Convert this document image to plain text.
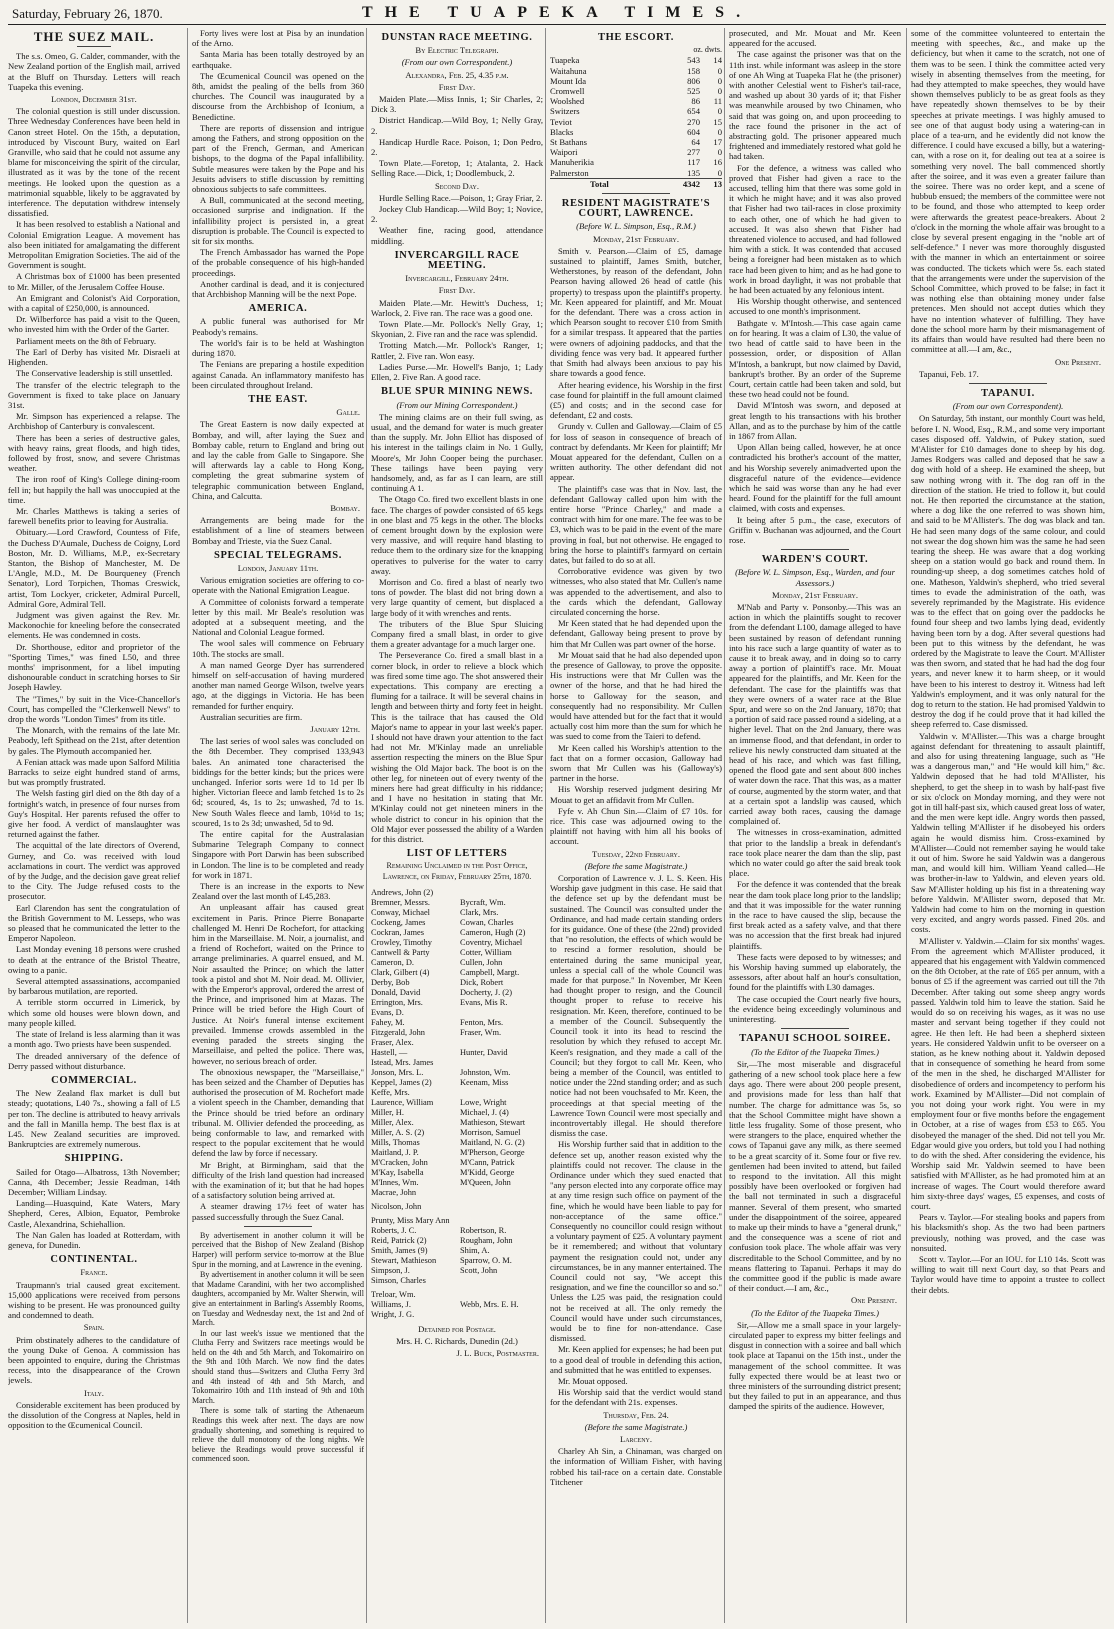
Saturday, February 26, 1870.	THE TUAPEKA TIMES.
THE SUEZ MAIL.

The s.s. Omeo, G. Calder, commander, with the New Zealand portion of the English mail, arrived at the Bluff on Thursday. Letters will reach Tuapeka this evening.

London, December 31st.

The colonial question is still under discussion. Three Wednesday Conferences have been held in Canon street Hotel. On the 15th, a deputation, introduced by Viscount Bury, waited on Earl Granville, who said that he could not assume any blame for misconceiving the spirit of the circular, illustrated as it was by the tone of the recent meetings. He looked upon the question as a matrimonial squabble, likely to be aggravated by interference. The deputation withdrew intensely dissatisfied.

It has been resolved to establish a National and Colonial Emigration League. A movement has also been initiated for amalgamating the different Metropolitan Emigration Societies. The aid of the Government is sought.

A Christmas box of £1000 has been presented to Mr. Miller, of the Jerusalem Coffee House.

An Emigrant and Colonist's Aid Corporation, with a capital of £250,000, is announced.

Dr. Wilberforce has paid a visit to the Queen, who invested him with the Order of the Garter.

Parliament meets on the 8th of February.

The Earl of Derby has visited Mr. Disraeli at Highenden.

The Conservative leadership is still unsettled.

The transfer of the electric telegraph to the Government is fixed to take place on January 31st.

Mr. Simpson has experienced a relapse. The Archbishop of Canterbury is convalescent.

There has been a series of destructive gales, with heavy rains, great floods, and high tides, followed by frost, snow, and severe Christmas weather.

The iron roof of King's College dining-room fell in; but happily the hall was unoccupied at the time.

Mr. Charles Matthews is taking a series of farewell benefits prior to leaving for Australia.

Obituary.—Lord Crawford, Countess of Fife, the Duchess D'Aumale, Duchess de Coigny, Lord Boston, Mr. D. Williams, M.P., ex-Secretary Stanton, the Bishop of Manchester, M. De L'Angle, M.D., M. De Bourqueney (French Senator), Lord Torpichen, Thomas Creswick, artist, Tom Lockyer, cricketer, Admiral Purcell, Admiral Gore, Admiral Tell.

Judgment was given against the Rev. Mr. Mackonochie for kneeling before the consecrated elements. He was condemned in costs.

Dr. Shorthouse, editor and proprietor of the "Sporting Times," was fined L50, and three months' imprisonment, for a libel imputing dishonourable conduct in scratching horses to Sir Joseph Hawley.

The "Times," by suit in the Vice-Chancellor's Court, has compelled the "Clerkenwell News" to drop the words "London Times" from its title.

The Monarch, with the remains of the late Mr. Peabody, left Spithead on the 21st, after detention by gales. The Plymouth accompanied her.

A Fenian attack was made upon Salford Militia Barracks to seize eight hundred stand of arms, but was promptly frustrated.

The Welsh fasting girl died on the 8th day of a fortnight's watch, in presence of four nurses from Guy's Hospital. Her parents refused the offer to give her food. A verdict of manslaughter was returned against the father.

The acquittal of the late directors of Overend, Gurney, and Co. was received with loud acclamations in court. The verdict was approved of by the Judge, and the decision gave great relief to the City. The Judge refused costs to the prosecutor.

Earl Clarendon has sent the congratulation of the British Government to M. Lesseps, who was so pleased that he communicated the letter to the Emperor Napoleon.

Last Monday evening 18 persons were crushed to death at the entrance of the Bristol Theatre, owing to a panic.

Several attempted assassinations, accompanied by barbarous mutilation, are reported.

A terrible storm occurred in Limerick, by which some old houses were blown down, and many people killed.

The state of Ireland is less alarming than it was a month ago. Two priests have been suspended.

The dreaded anniversary of the defence of Derry passed without disturbance.

COMMERCIAL.

The New Zealand flax market is dull but steady; quotations, L40 7s., showing a fall of L5 per ton. The decline is attributed to heavy arrivals and the fall in Manilla hemp. The best flax is at L45. New Zealand securities are improved. Bankruptcies are extremely numerous.

SHIPPING.

Sailed for Otago—Albatross, 13th November; Canna, 4th December; Jessie Readman, 14th December; William Lindsay.

Landing—Huasquind, Kate Waters, Mary Shepherd, Ceres, Albion, Equator, Pembroke Castle, Alexandrina, Schiehallion.

The Nan Galen has loaded at Rotterdam, with geneva, for Dunedin.

CONTINENTAL.
France.

Traupmann's trial caused great excitement. 15,000 applications were received from persons wishing to be present. He was pronounced guilty and condemned to death.

Spain.

Prim obstinately adheres to the candidature of the young Duke of Genoa. A commission has been appointed to enquire, during the Christmas recess, into the disappearance of the Crown jewels.

Italy.

Considerable excitement has been produced by the dissolution of the Congress at Naples, held in opposition to the Œcumenical Council.

Forty lives were lost at Pisa by an inundation of the Arno.

Santa Maria has been totally destroyed by an earthquake.

The Œcumenical Council was opened on the 8th, amidst the pealing of the bells from 360 churches. The Council was inaugurated by a discourse from the Archbishop of Iconium, a Benedictine.

There are reports of dissension and intrigue among the Fathers, and strong opposition on the part of the French, German, and American bishops, to the dogma of the Papal infallibility. Subtle measures were taken by the Pope and his Jesuits advisers to stifle discussion by remitting obnoxious subjects to safe committees.

A Bull, communicated at the second meeting, occasioned surprise and indignation. If the infallibility project is persisted in, a great disruption is probable. The Council is expected to sit for six months.

The French Ambassador has warned the Pope of the probable consequence of his high-handed proceedings.

Another cardinal is dead, and it is conjectured that Archbishop Manning will be the next Pope.

AMERICA.

A public funeral was authorised for Mr Peabody's remains.

The world's fair is to be held at Washington during 1870.

The Fenians are preparing a hostile expedition against Canada. An inflammatory manifesto has been circulated throughout Ireland.

THE EAST.
Galle.

The Great Eastern is now daily expected at Bombay, and will, after laying the Suez and Bombay cable, return to England and bring out and lay the cable from Galle to Singapore. She will afterwards lay a cable to Hong Kong, completing the great submarine system of telegraphic communication between England, China, and Calcutta.

Bombay.

Arrangements are being made for the establishment of a line of steamers between Bombay and Trieste, via the Suez Canal.

SPECIAL TELEGRAMS.
London, January 11th.

Various emigration societies are offering to co-operate with the National Emigration League.

A Committee of colonists forward a temperate letter by this mail. Mr Beale's resolution was adopted at a subsequent meeting, and the National and Colonial League formed.

The wool sales will commence on February 10th. The stocks are small.

A man named George Dyer has surrendered himself on self-accusation of having murdered another man named George Wilson, twelve years ago, at the diggings in Victoria. He has been remanded for further enquiry.

Australian securities are firm.

January 12th.

The last series of wool sales was concluded on the 8th December. They comprised 133,943 bales. An animated tone characterised the biddings for the better kinds; but the prices were unchanged. Inferior sorts were 1d to 1d per lb higher. Victorian fleece and lamb fetched 1s to 2s 6d; scoured, 4s, 1s to 2s; unwashed, 7d to 1s. New South Wales fleece and lamb, 10½d to 1s; scoured, 1s to 2s 3d; unwashed, 5d to 9d.

The entire capital for the Australasian Submarine Telegraph Company to connect Singapore with Port Darwin has been subscribed in London. The line is to be completed and ready for work in 1871.

There is an increase in the exports to New Zealand over the last month of L45,283.

An unpleasant affair has caused great excitement in Paris. Prince Pierre Bonaparte challenged M. Henri De Rochefort, for attacking him in the Marseillaise. M. Noir, a journalist, and a friend of Rochefort, waited on the Prince to arrange preliminaries. A quarrel ensued, and M. Noir assaulted the Prince; on which the latter took a pistol and shot M. Noir dead. M. Ollivier, with the Emperor's approval, ordered the arrest of the Prince, and imprisoned him at Mazas. The Prince will be tried before the High Court of Justice. At Noir's funeral intense excitement prevailed. Immense crowds assembled in the evening paraded the streets singing the Marseillaise, and pelted the police. There was, however, no serious breach of order.

The obnoxious newspaper, the "Marseillaise," has been seized and the Chamber of Deputies has authorised the prosecution of M. Rochefort made a violent speech in the Chamber, demanding that the Prince should be tried before an ordinary tribunal. M. Ollivier defended the proceeding, as being conformable to law, and remarked with respect to the popular excitement that he would defend the law by force if necessary.

Mr Bright, at Birmingham, said that the difficulty of the Irish land question had increased with the examination of it; but that he had hopes of a satisfactory solution being arrived at.

A steamer drawing 17½ feet of water has passed successfully through the Suez Canal.

By advertisement in another column it will be perceived that the Bishop of New Zealand (Bishop Harper) will perform service to-morrow at the Blue Spur in the morning, and at Lawrence in the evening.

By advertisement in another column it will be seen that Madame Carandini, with her two accomplished daughters, accompanied by Mr. Walter Sherwin, will give an entertainment in Barling's Assembly Rooms, on Tuesday and Wednesday next, the 1st and 2nd of March.

In our last week's issue we mentioned that the Clutha Ferry and Switzers race meetings would be held on the 4th and 5th March, and Tokomairiro on the 9th and 10th March. We now find the dates should stand thus—Switzers and Clutha Ferry 3rd and 4th instead of 4th and 5th March, and Tokomairiro 10th and 11th instead of 9th and 10th March.

There is some talk of starting the Athenaeum Readings this week after next. The days are now gradually shortening, and something is required to relieve the dull monotony of the long nights. We believe the Readings would prove successful if commenced soon.

DUNSTAN RACE MEETING.
By Electric Telegraph.
(From our own Correspondent.)
Alexandra, Feb. 25, 4.35 p.m.
First Day.

Maiden Plate.—Miss Innis, 1; Sir Charles, 2; Dick 3.

District Handicap.—Wild Boy, 1; Nelly Gray, 2.

Handicap Hurdle Race. Poison, 1; Don Pedro, 2.

Town Plate.—Foretop, 1; Atalanta, 2. Hack Selling Race.—Dick, 1; Doodlembuck, 2.

Second Day.

Hurdle Selling Race.—Poison, 1; Gray Friar, 2.

Jockey Club Handicap.—Wild Boy; 1; Novice, 2.

Weather fine, racing good, attendance middling.

INVERCARGILL RACE MEETING.
Invercargill, February 24th.
First Day.

Maiden Plate.—Mr. Hewitt's Duchess, 1; Warlock, 2. Five ran. The race was a good one.

Town Plate.—Mr. Pollock's Nelly Gray, 1; Skyonian, 2. Five ran and the race was splendid.

Trotting Match.—Mr. Pollock's Ranger, 1; Rattler, 2. Five ran. Won easy.

Ladies Purse.—Mr. Howell's Banjo, 1; Lady Ellen, 2. Five Ran. A good race.

BLUE SPUR MINING NEWS.
(From our Mining Correspondent.)

The mining claims are on their full swing, as usual, and the demand for water is much greater than the supply. Mr. John Elliot has disposed of his interest in the tailings claim in No. 1 Gully, Moore's, Mr John Cooper being the purchaser. These tailings have been paying very handsomely, and, as far as I can learn, are still continuing A 1.

The Otago Co. fired two excellent blasts in one face. The charges of powder consisted of 65 kegs in one blast and 75 kegs in the other. The blocks of cement brought down by the explosion were very massive, and will require hand blasting to reduce them to the ordinary size for the knapping operatives to pulverise for the water to carry away.

Morrison and Co. fired a blast of nearly two tons of powder. The blast did not bring down a very large quantity of cement, but displaced a large body of it with wrenches and rents.

The tributers of the Blue Spur Sluicing Company fired a small blast, in order to give them a greater advantage for a much larger one.

The Perseverance Co. fired a small blast in a corner block, in order to relieve a block which was fired some time ago. The shot answered their expectations. This company are erecting a fluming for a tailrace. It will be several chains in length and between thirty and forty feet in height. This is the tailrace that has caused the Old Major's name to appear in your last week's paper. I should not have drawn your attention to the fact had not Mr. M'Kinlay made an unreliable assertion respecting the miners on the Blue Spur wishing the Old Major back. The boot is on the other leg, for nineteen out of every twenty of the miners here had great difficulty in his riddance; and I have no hesitation in stating that Mr. M'Kinlay could not get nineteen miners in the whole district to concur in his opinion that the Old Major ever possessed the ability of a Warden for this district.

LIST OF LETTERS
Remaining Unclaimed in the Post Office, Lawrence, on Friday, February 25th, 1870.
Andrews, John (2)
Bremner, Messrs.	Bycraft, Wm.
Conway, Michael	Clark, Mrs.
Cockeng, James	Cowan, Charles
Cockran, James	Cameron, Hugh (2)
Crowley, Timothy	Coventry, Michael
Cantwell & Party	Cotter, William
Cameron, D.	Cullen, John
Clark, Gilbert (4)	Campbell, Margt.
Derby, Bob	Dick, Robert
Donald, David	Docherty, J. (2)
Errington, Mrs.	Evans, Mis R.
Evans, D.
Fahey, M.	Fenton, Mrs.
Fitzgerald, John	Fraser, Wm.
Fraser, Alex.
Hastell, —	Hunter, David
Istead, Mrs. James
Jonson, Mrs. L.	Johnston, Wm.
Keppel, James (2)	Keenam, Miss
Keffe, Mrs.
Laurence, William	Lowe, Wright
Miller, H.	Michael, J. (4)
Miller, Alex.	Mathieson, Stewart
Miller, A. S. (2)	Morrison, Samuel
Mills, Thomas	Maitland, N. G. (2)
Maitland, J. P.	M'Pherson, George
M'Cracken, John	M'Cann, Patrick
M'Kay, Isabella	M'Kidd, George
M'Innes, Wm.	M'Queen, John
Macrae, John
Nicolson, John
Prunty, Miss Mary Ann
Roberts, J. C.	Robertson, R.
Reid, Patrick (2)	Rougham, John
Smith, James (9)	Shim, A.
Stewart, Mathieson	Sparrow, O. M.
Simpson, J.	Scott, John
Simson, Charles
Treloar, Wm.
Williams, J.	Webb, Mrs. E. H.
Wright, J. G.
Detained for Postage.
Mrs. H. C. Richards, Dunedin (2d.)
J. L. Buck, Postmaster.
THE ESCORT.
oz. dwts.
Tuapeka	543	14
Waitahuna	158	0
Mount Ida	806	0
Cromwell	525	0
Woolshed	86	11
Switzers	654	0
Teviot	270	15
Blacks	604	0
St Bathans	64	17
Waipori	277	0
Manuherikia	117	16
Palmerston	135	0
Total	4342	13
RESIDENT MAGISTRATE'S COURT, LAWRENCE.
(Before W. L. Simpson, Esq., R.M.)
Monday, 21st February.

Smith v. Pearson.—Claim of £5, damage sustained to plaintiff, James Smith, butcher, Wetherstones, by reason of the defendant, John Pearson having allowed 26 head of cattle (his property) to trespass upon the plaintiff's property. Mr. Keen appeared for plaintiff, and Mr. Mouat for the defendant. There was a cross action in which Pearson sought to recover £10 from Smith for a similar trespass. It appeared that the parties were owners of adjoining paddocks, and that the dividing fence was very bad. It appeared further that Smith had always been anxious to pay his share towards a good fence.

After hearing evidence, his Worship in the first case found for plaintiff in the full amount claimed (£5) and costs; and in the second case for defendant, £2 and costs.

Grundy v. Cullen and Galloway.—Claim of £5 for loss of season in consequence of breach of contract by defendants. Mr Keen for plaintiff; Mr Mouat appeared for the defendant, Cullen on a written authority. The other defendant did not appear.

The plaintiff's case was that in Nov. last, the defendant Galloway called upon him with the entire horse "Prince Charley," and made a contract with him for one mare. The fee was to be £3, which was to be paid in the event of the mare proving in foal, but not otherwise. He engaged to bring the horse to plaintiff's farmyard on certain dates, but failed to do so at all.

Corroborative evidence was given by two witnesses, who also stated that Mr. Cullen's name was appended to the advertisement, and also to the cards which the defendant, Galloway circulated concerning the horse.

Mr Keen stated that he had depended upon the defendant, Galloway being present to prove by him that Mr Cullen was part owner of the horse.

Mr Mouat said that he had also depended upon the presence of Galloway, to prove the opposite. His instructions were that Mr Cullen was the owner of the horse, and that he had hired the horse to Galloway for the season, and consequently had no responsibility. Mr Cullen would have attended but for the fact that it would actually cost him more than the sum for which he was sued to come from the Taieri to defend.

Mr Keen called his Worship's attention to the fact that on a former occasion, Galloway had sworn that Mr Cullen was his (Galloway's) partner in the horse.

His Worship reserved judgment desiring Mr Mouat to get an affidavit from Mr Cullen.

Fyfe v. Ah Chun Sin.—Claim of £7 10s. for rice. This case was adjourned owing to the plaintiff not having with him all his books of account.

Tuesday, 22nd February.
(Before the same Magistrate.)

Corporation of Lawrence v. J. L. S. Keen. His Worship gave judgment in this case. He said that the defence set up by the defendant must be sustained. The Council was consulted under the Ordinance, and had made certain standing orders for its guidance. One of these (the 22nd) provided that "no resolution, the effects of which would be to rescind a former resolution, should be entertained during the same municipal year, unless a special call of the whole Council was made for that purpose." In November, Mr Keen had thought proper to resign, and the Council thought proper to refuse to receive his resignation. Mr. Keen, therefore, continued to be a member of the Council. Subsequently the Council took it into its head to rescind the resolution by which they refused to accept Mr. Keen's resignation, and they made a call of the Council; but they forgot to call Mr. Keen, who being a member of the Council, was entitled to notice under the 22nd standing order; and as such notice had not been vouchsafed to Mr. Keen, the proceedings at that special meeting of the Lawrence Town Council were most specially and incontrovertably illegal. He should therefore dismiss the case.

His Worship further said that in addition to the defence set up, another reason existed why the plaintiffs could not recover. The clause in the Ordinance under which they sued enacted that "any person elected into any corporate office may at any time resign such office on payment of the fine, which he would have been liable to pay for non-acceptance of the same office." Consequently no councillor could resign without a voluntary payment of £25. A voluntary payment be it remembered; and without that voluntary payment the resignation could not, under any circumstances, be in any manner entertained. The Council could not say, "We accept this resignation, and we fine the councillor so and so." Unless the L25 was paid, the resignation could not be received at all. The only remedy the Council would have under such circumstances, would be to fine for non-attendance. Case dismissed.

Mr. Keen applied for expenses; he had been put to a good deal of trouble in defending this action, and submitted that he was entitled to expenses.

Mr. Mouat opposed.

His Worship said that the verdict would stand for the defendant with 21s. expenses.

Thursday, Feb. 24.
(Before the same Magistrate.)
Larceny.

Charley Ah Sin, a Chinaman, was charged on the information of William Fisher, with having robbed his tail-race on a certain date. Constable Titchener

prosecuted, and Mr. Mouat and Mr. Keen appeared for the accused.

The case against the prisoner was that on the 11th inst. while informant was asleep in the store of one Ah Wing at Tuapeka Flat he (the prisoner) with another Celestial went to Fisher's tail-race, and washed up about 30 yards of it; that Fisher was meanwhile aroused by two Chinamen, who said that was going on, and upon proceeding to the race found the prisoner in the act of abstracting gold. The prisoner appeared much frightened and immediately restored what gold he had taken.

For the defence, a witness was called who proved that Fisher had given a race to the accused, telling him that there was some gold in it which he might have; and it was also proved that Fisher had two tail-races in close proximity to each other, one of which he had given to accused. It was also shewn that Fisher had threatened violence to accused, and had followed him with a stick. It was contended that accused being a foreigner had been mistaken as to which race had been given to him; and as he had gone to work in broad daylight, it was not probable that he had been actuated by any felonious intent.

His Worship thought otherwise, and sentenced accused to one month's imprisonment.

Bathgate v. M'Intosh.—This case again came on for hearing. It was a claim of L30, the value of two head of cattle said to have been in the possession, order, or disposition of Allan M'Intosh, a bankrupt, but now claimed by David, bankrupt's brother. By an order of the Supreme Court, certain cattle had been taken and sold, but these two head could not be found.

David M'Intosh was sworn, and deposed at great length to his transactions with his brother Allan, and as to the purchase by him of the cattle in 1867 from Allan.

Upon Allan being called, however, he at once contradicted his brother's account of the matter, and his Worship severely animadverted upon the disgraceful nature of the evidence—evidence which he said was worse than any he had ever heard. Found for the plaintiff for the full amount claimed, with costs and expenses.

It being after 5 p.m., the case, executors of Griffin v. Buchanan was adjourned, and the Court rose.

WARDEN'S COURT.
(Before W. L. Simpson, Esq., Warden, and four Assessors.)
Monday, 21st February.

M'Nab and Party v. Ponsonby.—This was an action in which the plaintiffs sought to recover from the defendant L100, damage alleged to have been sustained by reason of defendant running into his race such a large quantity of water as to cause it to break away, and in doing so to carry away a portion of plaintiff's race. Mr. Mouat appeared for the plaintiffs, and Mr. Keen for the defendant. The case for the plaintiffs was that they were owners of a water race at the Blue Spur, and were so on the 2nd January, 1870; that a portion of said race passed round a sideling, at a higher level. That on the 2nd January, there was an immense flood, and that defendant, in order to relieve his newly constructed dam situated at the head of his race, and which was fast filling, opened the flood gate and sent about 800 inches of water down the race. That this was, as a matter of course, augmented by the storm water, and that at a certain spot a landslip was caused, which carried away both races, causing the damage complained of.

The witnesses in cross-examination, admitted that prior to the landslip a break in defendant's race took place nearer the dam than the slip, past which no water could go after the said break took place.

For the defence it was contended that the break near the dam took place long prior to the landslip; and that it was impossible for the water running in the race to have caused the slip, because the first break acted as a safety valve, and that there was no accession that the first break had injured plaintiffs.

These facts were deposed to by witnesses; and his Worship having summed up elaborately, the assessors, after about half an hour's consultation, found for the plaintiffs with L30 damages.

The case occupied the Court nearly five hours, the evidence being exceedingly voluminous and uninteresting.

TAPANUI SCHOOL SOIREE.
(To the Editor of the Tuapeka Times.)

Sir,—The most miserable and disgraceful gathering of a new school took place here a few days ago. There were about 200 people present, and provisions made for less than half that number. The charge for admittance was 5s, so that the School Committee might have shown a little less frugality. Some of those present, who were strangers to the place, enquired whether the cows of Tapanui gave any milk, as there seemed to be a great scarcity of it. Some four or five rev. gentlemen had been invited to attend, but failed to respond to the invitation. All this might possibly have been overlooked or forgiven had the ball not terminated in such a disgraceful manner. Several of them present, who smarted under the disappointment of the soiree, appeared to make up their minds to have a "general drunk," and the consequence was a scene of riot and confusion took place. The whole affair was very discreditable to the School Committee, and by no means flattering to Tapanui. Perhaps it may do the committee good if the public is made aware of their conduct.—I am, &c.,

One Present.
(To the Editor of the Tuapeka Times.)

Sir,—Allow me a small space in your largely-circulated paper to express my bitter feelings and disgust in connection with a soiree and ball which took place at Tapanui on the 15th inst., under the management of the school committee. It was fully expected there would be at least two or three ministers of the surrounding district present; but they failed to put in an appearance, and thus damped the spirits of the audience. However,

some of the committee volunteered to entertain the meeting with speeches, &c., and make up the deficiency, but when it came to the scratch, not one of them was to be seen. I think the committee acted very wisely in absenting themselves from the meeting, for had they attempted to make speeches, they would have shown themselves publicly to be as great fools as they have repeatedly shown themselves to be by their speeches at private meetings. I was highly amused to see one of that august body using a watering-can in place of a tea-urn, and he evidently did not know the difference. I could have excused a billy, but a watering-can, with a rose on it, for dealing out tea at a soiree is something very novel. The ball commenced shortly after the soiree, and it was even a greater failure than the soiree. There was no order kept, and a scene of hubbub ensued; the members of the committee were not to be found, and those who attempted to keep order were afterwards the greatest peace-breakers. About 2 o'clock in the morning the whole affair was brought to a close by several present engaging in the "noble art of self-defence." I never was more thoroughly disgusted with the manner in which an entertainment or soiree was conducted. The tickets which were 5s. each stated that the arrangements were under the supervision of the School Committee, which proved to be false; in fact it was nothing else than obtaining money under false pretences. Men should not accept duties which they have no intention whatever of fulfilling. They have done the school more harm by their mismanagement of its affairs than would have resulted had there been no committee at all.—I am, &c.,

One Present.
Tapanui, Feb. 17.
TAPANUI.
(From our own Correspondent).

On Saturday, 5th instant, our monthly Court was held, before I. N. Wood, Esq., R.M., and some very important cases disposed off. Yaldwin, of Pukey station, sued M'Alister for £10 damages done to sheep by his dog. James Rodgers was called and deposed that he saw a dog with hold of a sheep. He examined the sheep, but saw nothing wrong with it. The dog ran off in the direction of the station. He tried to follow it, but could not. He then reported the circumstance at the station, where a dog like the one referred to was shown him, and said to be M'Allister's. The dog was black and tan. He had seen many dogs of the same colour, and could not swear the dog shown him was the same he had seen tearing the sheep. He was aware that a dog working sheep on a station would go back and round them. In rounding-up sheep, a dog sometimes catches hold of one. Matheson, Yaldwin's shepherd, who tried several times to evade the administration of the oath, was severely reprimanded by the Magistrate. His evidence was to the effect that on going over the paddocks he found four sheep and two lambs lying dead, evidently having been torn by a dog. After several questions had been put to this witness by the defendant, he was ordered by the Magistrate to leave the Court. M'Allister was then sworn, and stated that he had had the dog four years, and never knew it to harm sheep, or it would have been to his interest to destroy it. Witness had left Yaldwin's employment, and it was only natural for the dog to return to the station. He had promised Yaldwin to destroy the dog if he could prove that it had killed the sheep referred to. Case dismissed.

Yaldwin v. M'Allister.—This was a charge brought against defendant for threatening to assault plaintiff, and also for using threatening language, such as "He was a dangerous man," and "He would kill him," &c. Yaldwin deposed that he had told M'Allister, his shepherd, to get the sheep in to wash by half-past five or six o'clock on Monday morning, and they were not got in till half-past six, which caused great loss of water, and the men were kept idle. Angry words then passed, Yaldwin telling M'Allister if he disobeyed his orders again he would dismiss him. Cross-examined by M'Allister—Could not remember saying he would take it out of him. Swore he said Yaldwin was a dangerous man, and would kill him. William Yeand called—He was brother-in-law to Yaldwin, and eleven years old. Saw M'Allister holding up his fist in a threatening way before Yaldwin. M'Allister sworn, deposed that Mr. Yaldwin had come to him on the morning in question very excited, and angry words passed. Fined 20s. and costs.

M'Allister v. Yaldwin.—Claim for six months' wages. From the agreement which M'Allister produced, it appeared that his engagement with Yaldwin commenced on the 8th October, at the rate of £65 per annum, with a bonus of £5 if the agreement was carried out till the 7th December. After taking out some sheep angry words passed. Yaldwin told him to leave the station. Said he would do so on receiving his wages, as it was no use master and servant being together if they could not agree. He then left. He had been a shepherd sixteen years. He considered Yaldwin unfit to be overseer on a station, as he knew nothing about it. Yaldwin deposed that in consequence of something he heard from some of the men in the shed, he discharged M'Allister for disobedience of orders and incompetency to perform his work. Examined by M'Allister—Did not complain of you not doing your work right. You were in my employment four or five months before the engagement in October, at a rise of wages from £53 to £65. You disobeyed the manager of the shed. Did not tell you Mr. Edgar would give you orders, but told you I had nothing to do with the shed. After considering the evidence, his Worship said Mr. Yaldwin seemed to have been satisfied with M'Allister, as he had promoted him at an increase of wages. The Court would therefore award him sixty-three days' wages, £5 expenses, and costs of court.

Pears v. Taylor.—For stealing books and papers from his blacksmith's shop. As the two had been partners previously, nothing was proved, and the case was nonsuited.

Scott v. Taylor.—For an IOU. for L10 14s. Scott was willing to wait till next Court day, so that Pears and Taylor would have time to appoint a trustee to collect their debts.
